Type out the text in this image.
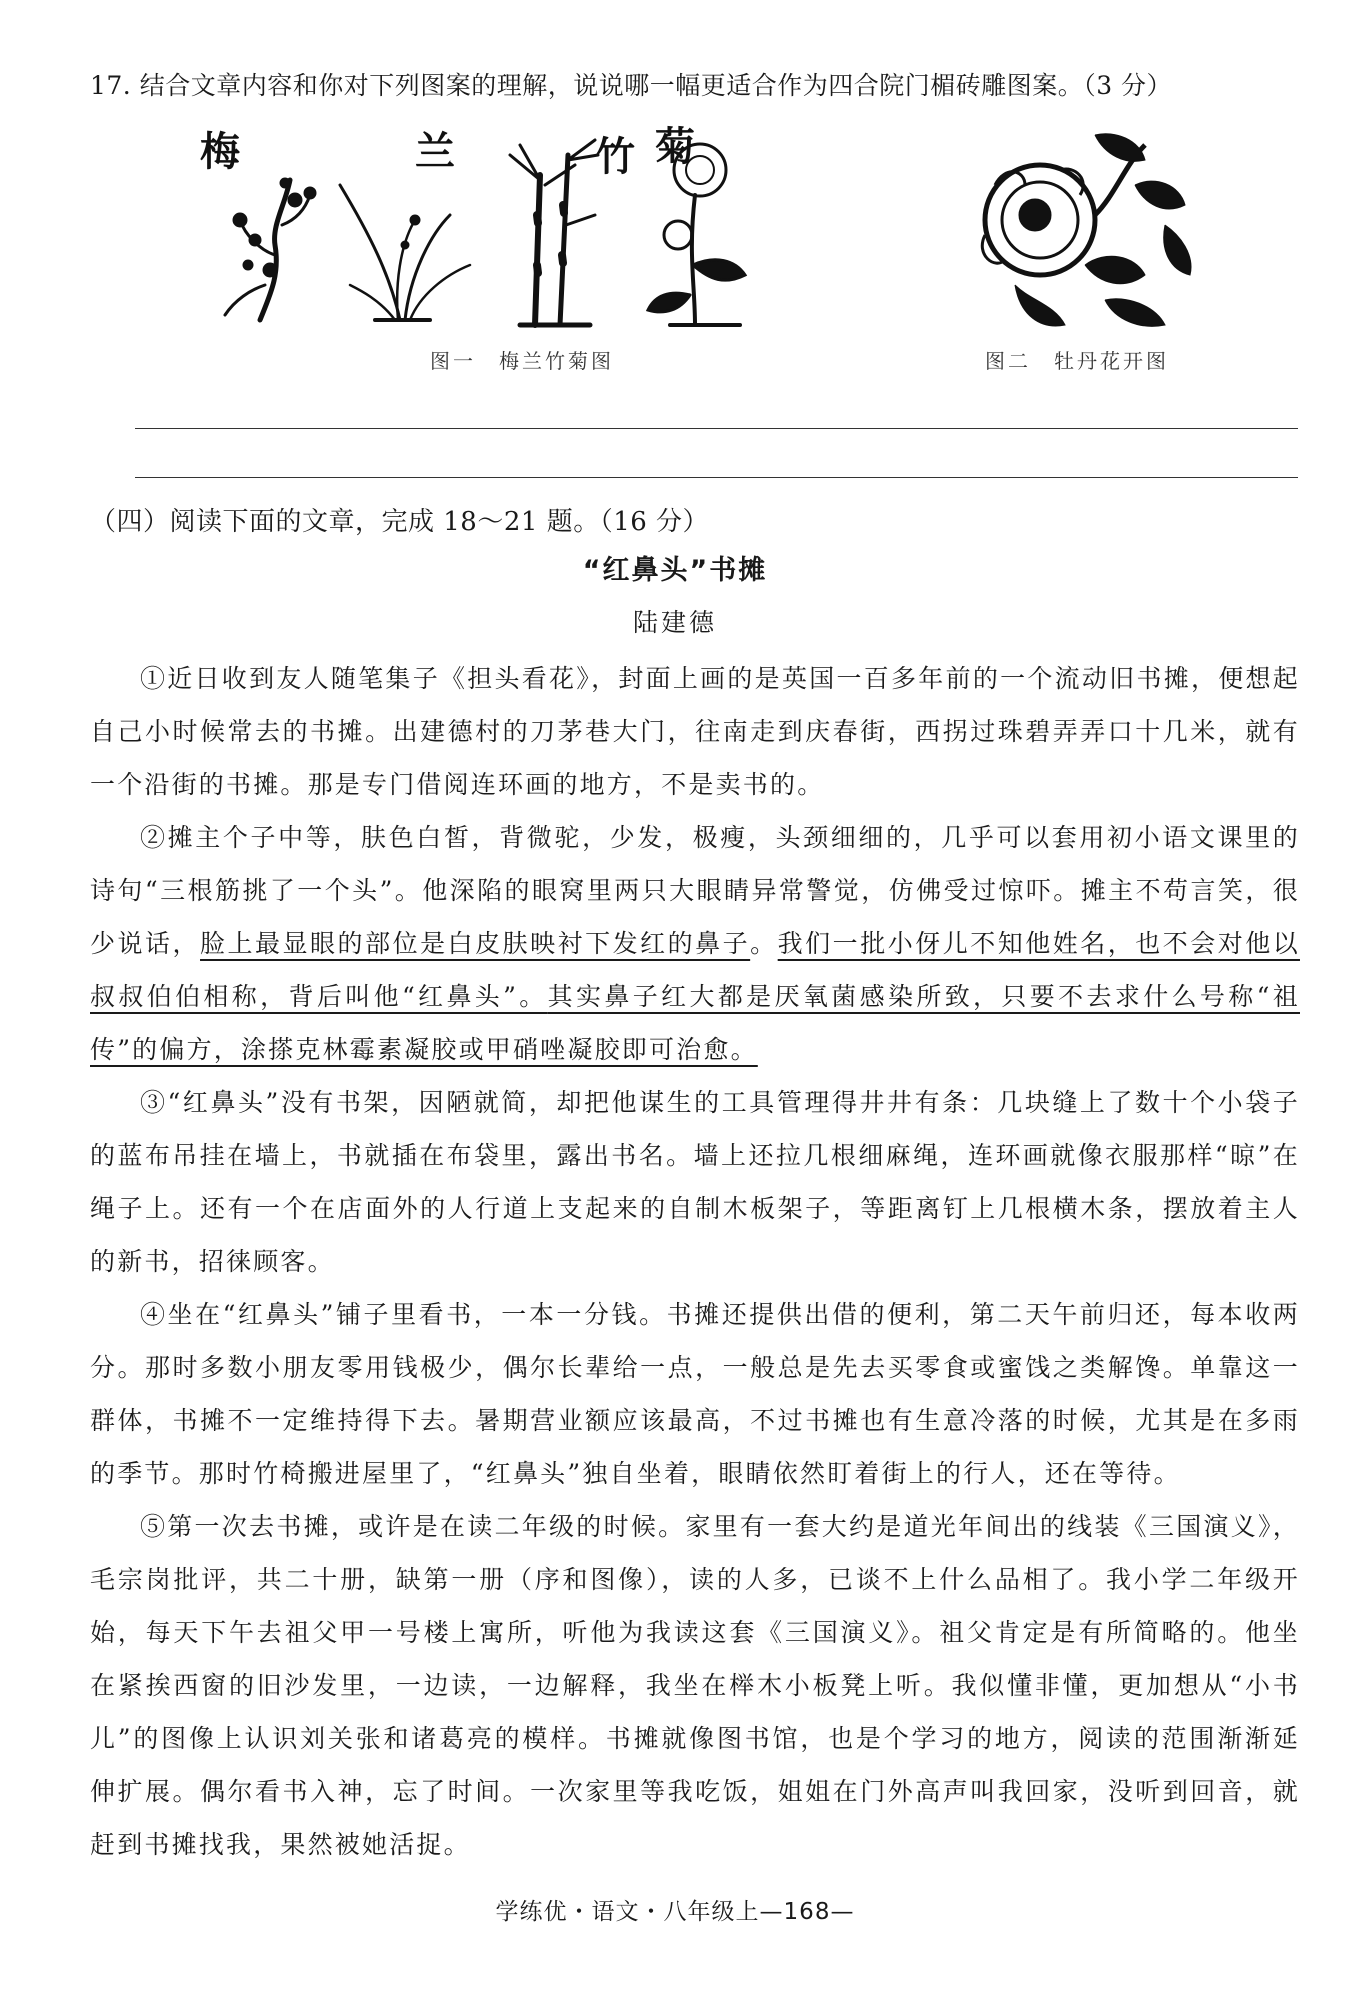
17. 结合文章内容和你对下列图案的理解，说说哪一幅更适合作为四合院门楣砖雕图案。（3 分）
梅	兰	竹 菊
图一　梅兰竹菊图	图二　牡丹花开图
（四）阅读下面的文章，完成 18～21 题。（16 分）
“红鼻头”书摊
陆建德

①近日收到友人随笔集子《担头看花》，封面上画的是英国一百多年前的一个流动旧书摊，便想起自己小时候常去的书摊。出建德村的刀茅巷大门，往南走到庆春街，西拐过珠碧弄弄口十几米，就有一个沿街的书摊。那是专门借阅连环画的地方，不是卖书的。

②摊主个子中等，肤色白皙，背微驼，少发，极瘦，头颈细细的，几乎可以套用初小语文课里的诗句“三根筋挑了一个头”。他深陷的眼窝里两只大眼睛异常警觉，仿佛受过惊吓。摊主不苟言笑，很少说话，脸上最显眼的部位是白皮肤映衬下发红的鼻子。我们一批小伢儿不知他姓名，也不会对他以叔叔伯伯相称，背后叫他“红鼻头”。其实鼻子红大都是厌氧菌感染所致，只要不去求什么号称“祖传”的偏方，涂搽克林霉素凝胶或甲硝唑凝胶即可治愈。

③“红鼻头”没有书架，因陋就简，却把他谋生的工具管理得井井有条：几块缝上了数十个小袋子的蓝布吊挂在墙上，书就插在布袋里，露出书名。墙上还拉几根细麻绳，连环画就像衣服那样“晾”在绳子上。还有一个在店面外的人行道上支起来的自制木板架子，等距离钉上几根横木条，摆放着主人的新书，招徕顾客。

④坐在“红鼻头”铺子里看书，一本一分钱。书摊还提供出借的便利，第二天午前归还，每本收两分。那时多数小朋友零用钱极少，偶尔长辈给一点，一般总是先去买零食或蜜饯之类解馋。单靠这一群体，书摊不一定维持得下去。暑期营业额应该最高，不过书摊也有生意冷落的时候，尤其是在多雨的季节。那时竹椅搬进屋里了，“红鼻头”独自坐着，眼睛依然盯着街上的行人，还在等待。

⑤第一次去书摊，或许是在读二年级的时候。家里有一套大约是道光年间出的线装《三国演义》，毛宗岗批评，共二十册，缺第一册（序和图像），读的人多，已谈不上什么品相了。我小学二年级开始，每天下午去祖父甲一号楼上寓所，听他为我读这套《三国演义》。祖父肯定是有所简略的。他坐在紧挨西窗的旧沙发里，一边读，一边解释，我坐在榉木小板凳上听。我似懂非懂，更加想从“小书儿”的图像上认识刘关张和诸葛亮的模样。书摊就像图书馆，也是个学习的地方，阅读的范围渐渐延伸扩展。偶尔看书入神，忘了时间。一次家里等我吃饭，姐姐在门外高声叫我回家，没听到回音，就赶到书摊找我，果然被她活捉。

学练优・语文・八年级上—168—
